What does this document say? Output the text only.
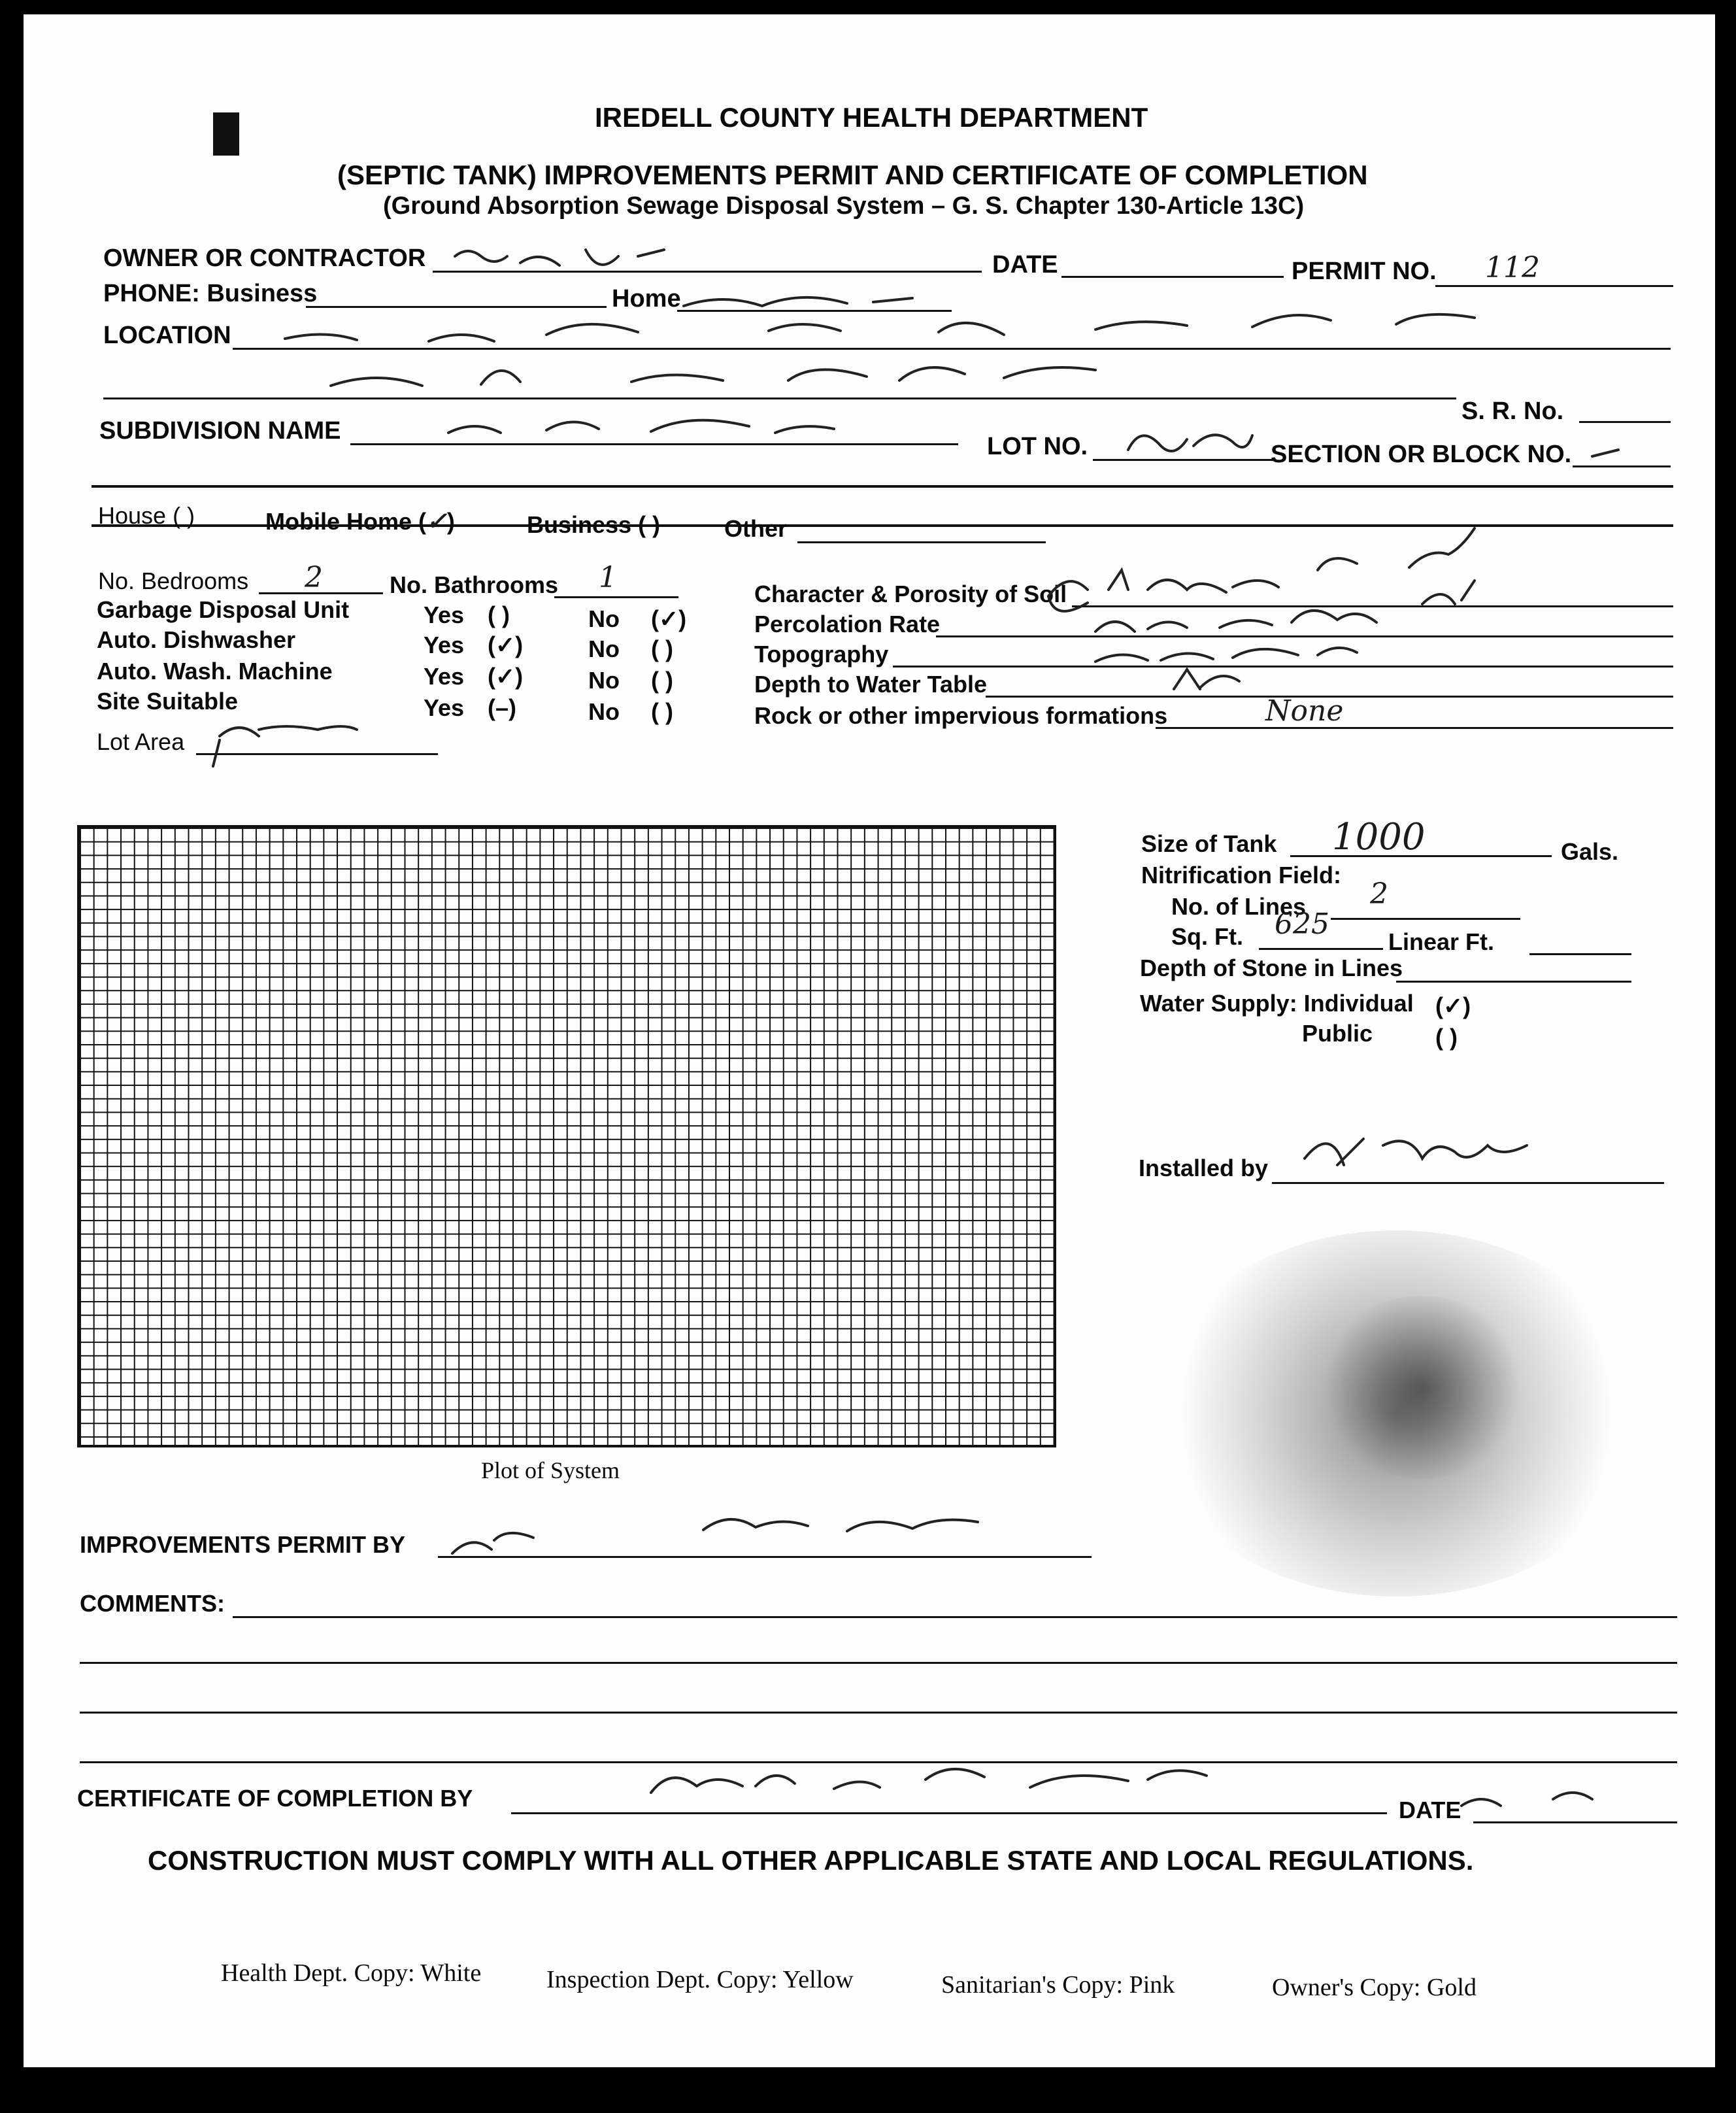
IREDELL COUNTY HEALTH DEPARTMENT
(SEPTIC TANK) IMPROVEMENTS PERMIT AND CERTIFICATE OF COMPLETION
(Ground Absorption Sewage Disposal System – G. S. Chapter 130-Article 13C)
OWNER OR CONTRACTOR	DATE	PERMIT NO. 112
PHONE: Business	Home
LOCATION
S. R. No.
SUBDIVISION NAME
LOT NO.	SECTION OR BLOCK NO.
House ( )	Mobile Home (✓)	Business ( )	Other
No. Bedrooms 2	No. Bathrooms 1
Garbage Disposal Unit	Yes ( )	No (✓)
Auto. Dishwasher	Yes (✓)	No ( )
Auto. Wash. Machine	Yes (✓)	No ( )
Site Suitable	Yes (–)	No ( )
Lot Area
Character & Porosity of Soil
Percolation Rate
Topography
Depth to Water Table
Rock or other impervious formations	None
Plot of System
Size of Tank 1000	Gals.
Nitrification Field:
No. of Lines 2
Sq. Ft. 625
Linear Ft.
Depth of Stone in Lines
Water Supply: Individual (✓)
Public	( )
Installed by
IMPROVEMENTS PERMIT BY
COMMENTS:
CERTIFICATE OF COMPLETION BY	DATE
CONSTRUCTION MUST COMPLY WITH ALL OTHER APPLICABLE STATE AND LOCAL REGULATIONS.
Health Dept. Copy: White	Inspection Dept. Copy: Yellow	Sanitarian's Copy: Pink	Owner's Copy: Gold
